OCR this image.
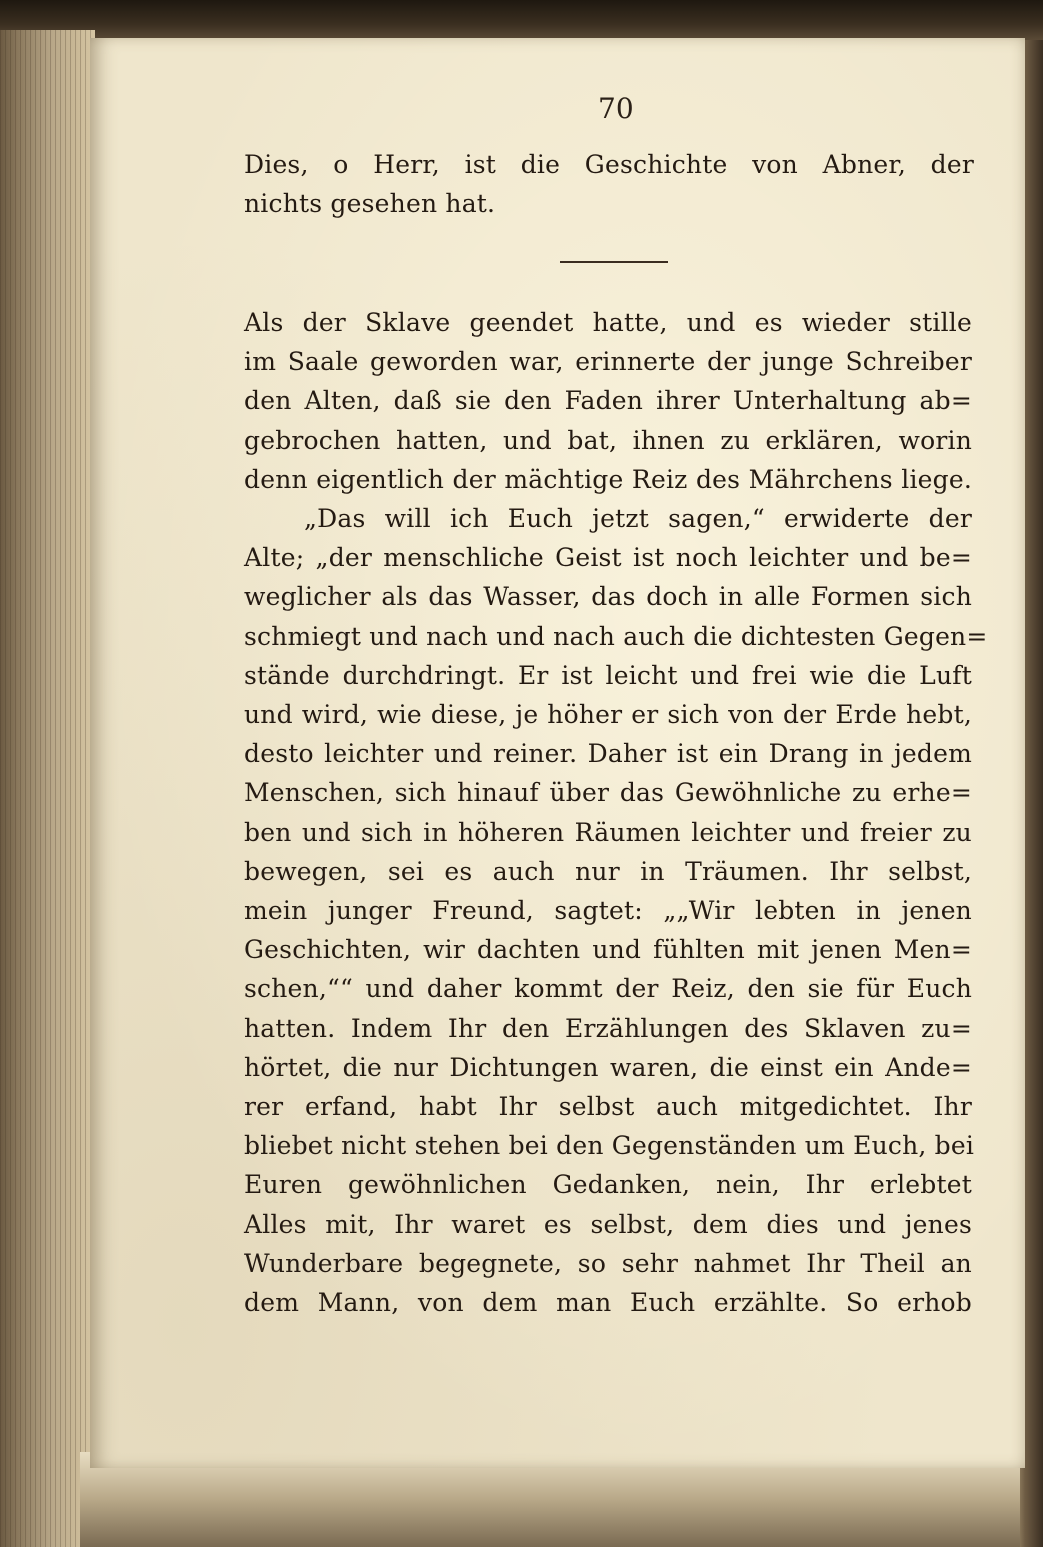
70
Dies, o Herr, ist die Geschichte von Abner, der
nichts gesehen hat.
Als der Sklave geendet hatte, und es wieder stille
im Saale geworden war, erinnerte der junge Schreiber
den Alten, daß sie den Faden ihrer Unterhaltung ab=
gebrochen hatten, und bat, ihnen zu erklären, worin
denn eigentlich der mächtige Reiz des Mährchens liege.
„Das will ich Euch jetzt sagen,“ erwiderte der
Alte; „der menschliche Geist ist noch leichter und be=
weglicher als das Wasser, das doch in alle Formen sich
schmiegt und nach und nach auch die dichtesten Gegen=
stände durchdringt. Er ist leicht und frei wie die Luft
und wird, wie diese, je höher er sich von der Erde hebt,
desto leichter und reiner. Daher ist ein Drang in jedem
Menschen, sich hinauf über das Gewöhnliche zu erhe=
ben und sich in höheren Räumen leichter und freier zu
bewegen, sei es auch nur in Träumen. Ihr selbst,
mein junger Freund, sagtet: „„Wir lebten in jenen
Geschichten, wir dachten und fühlten mit jenen Men=
schen,““ und daher kommt der Reiz, den sie für Euch
hatten. Indem Ihr den Erzählungen des Sklaven zu=
hörtet, die nur Dichtungen waren, die einst ein Ande=
rer erfand, habt Ihr selbst auch mitgedichtet. Ihr
bliebet nicht stehen bei den Gegenständen um Euch, bei
Euren gewöhnlichen Gedanken, nein, Ihr erlebtet
Alles mit, Ihr waret es selbst, dem dies und jenes
Wunderbare begegnete, so sehr nahmet Ihr Theil an
dem Mann, von dem man Euch erzählte. So erhob
